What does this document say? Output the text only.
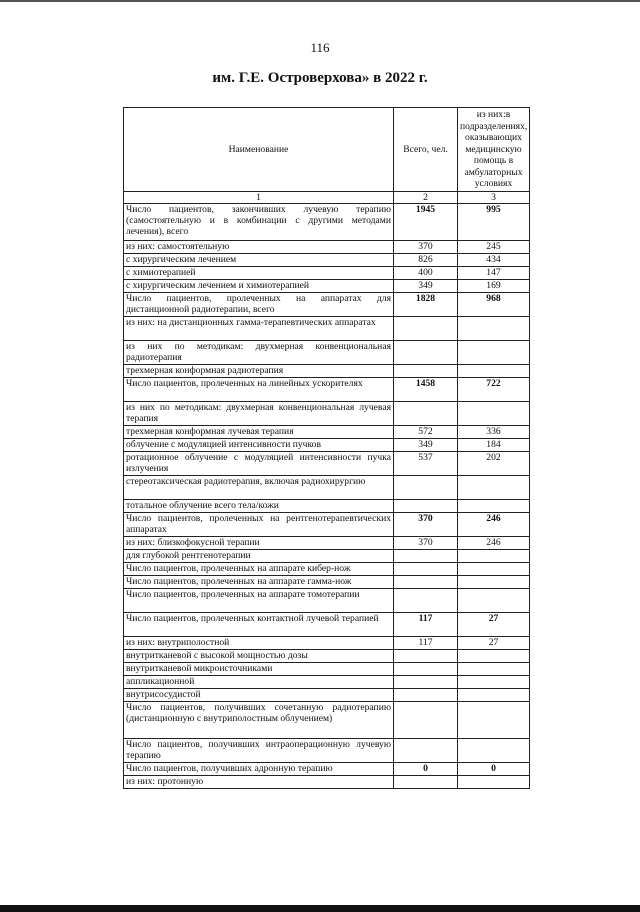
116
им. Г.Е. Островерхова» в 2022 г.
Наименование	Всего, чел.	из них:в подразделениях, оказывающих медицинскую помощь в амбулаторных условиях
1	2	3
Число пациентов, закончивших лучевую терапию (самостоятельную и в комбинации с другими методами лечения), всего	1945	995
из них: самостоятельную	370	245
с хирургическим лечением	826	434
с химиотерапией	400	147
с хирургическим лечением и химиотерапией	349	169
Число пациентов, пролеченных на аппаратах для дистанционной радиотерапии, всего	1828	968
из них: на дистанционных гамма-терапевтических аппаратах		
из них по методикам: двухмерная конвенциональная радиотерапия		
трехмерная конформная радиотерапия		
Число пациентов, пролеченных на линейных ускорителях	1458	722
из них по методикам: двухмерная конвенциональная лучевая терапия		
трехмерная конформная лучевая терапия	572	336
облучение с модуляцией интенсивности пучков	349	184
ротационное облучение с модуляцией интенсивности пучка излучения	537	202
стереотаксическая радиотерапия, включая радиохирургию		
тотальное облучение всего тела/кожи		
Число пациентов, пролеченных на рентгенотерапевтических аппаратах	370	246
из них: близкофокусной терапии	370	246
для глубокой рентгенотерапии		
Число пациентов, пролеченных на аппарате кибер-нож		
Число пациентов, пролеченных на аппарате гамма-нож		
Число пациентов, пролеченных на аппарате томотерапии		
Число пациентов, пролеченных контактной лучевой терапией	117	27
из них: внутриполостной	117	27
внутритканевой с высокой мощностью дозы		
внутритканевой микроисточниками		
аппликационной		
внутрисосудистой		
Число пациентов, получивших сочетанную радиотерапию (дистанционную с внутриполостным облучением)		
Число пациентов, получивших интраоперационную лучевую терапию		
Число пациентов, получивших адронную терапию	0	0
из них: протонную		
